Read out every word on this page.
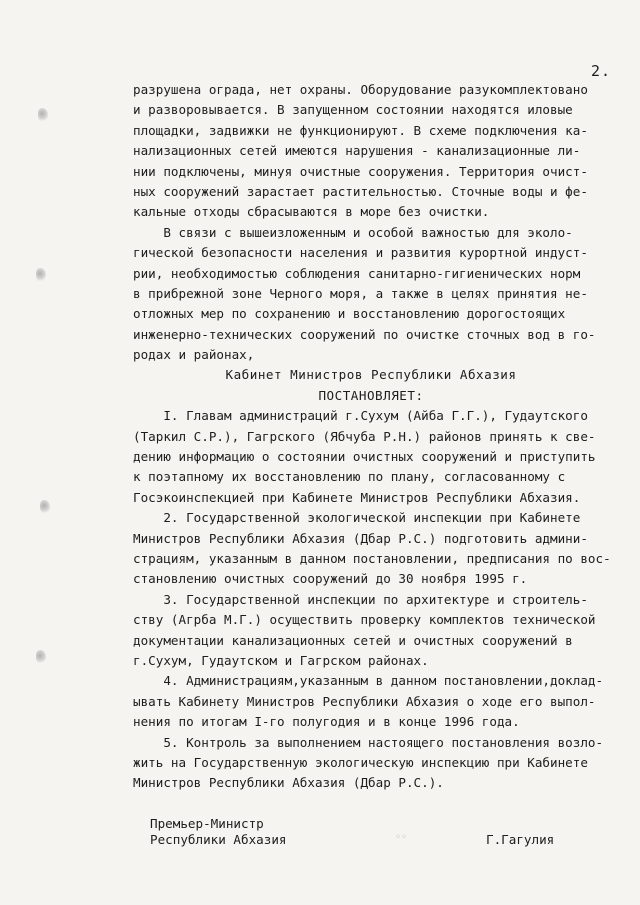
2.
разрушена ограда, нет охраны. Оборудование разукомплектовано
и разворовывается. В запущенном состоянии находятся иловые
площадки, задвижки не функционируют. В схеме подключения ка-
нализационных сетей имеются нарушения - канализационные ли-
нии подключены, минуя очистные сооружения. Территория очист-
ных сооружений зарастает растительностью. Сточные воды и фе-
кальные отходы сбрасываются в море без очистки.
В связи с вышеизложенным и особой важностью для эколо-
гической безопасности населения и развития курортной индуст-
рии, необходимостью соблюдения санитарно-гигиенических норм
в прибрежной зоне Черного моря, а также в целях принятия не-
отложных мер по сохранению и восстановлению дорогостоящих
инженерно-технических сооружений по очистке сточных вод в го-
родах и районах,
Кабинет Министров Республики Абхазия
ПОСТАНОВЛЯЕТ:
I. Главам администраций г.Сухум (Айба Г.Г.), Гудаутского
(Таркил С.Р.), Гагрского (Ябчуба Р.Н.) районов принять к све-
дению информацию о состоянии очистных сооружений и приступить
к поэтапному их восстановлению по плану, согласованному с
Госэкоинспекцией при Кабинете Министров Республики Абхазия.
2. Государственной экологической инспекции при Кабинете
Министров Республики Абхазия (Дбар Р.С.) подготовить админи-
страциям, указанным в данном постановлении, предписания по вос-
становлению очистных сооружений до 30 ноября 1995 г.
3. Государственной инспекции по архитектуре и строитель-
ству (Агрба М.Г.) осуществить проверку комплектов технической
документации канализационных сетей и очистных сооружений в
г.Сухум, Гудаутском и Гагрском районах.
4. Администрациям,указанным в данном постановлении,доклад-
ывать Кабинету Министров Республики Абхазия о ходе его выпол-
нения по итогам I-го полугодия и в конце 1996 года.
5. Контроль за выполнением настоящего постановления возло-
жить на Государственную экологическую инспекцию при Кабинете
Министров Республики Абхазия (Дбар Р.С.).
Премьер-Министр
Республики Абхазия	◦◦	Г.Гагулия
